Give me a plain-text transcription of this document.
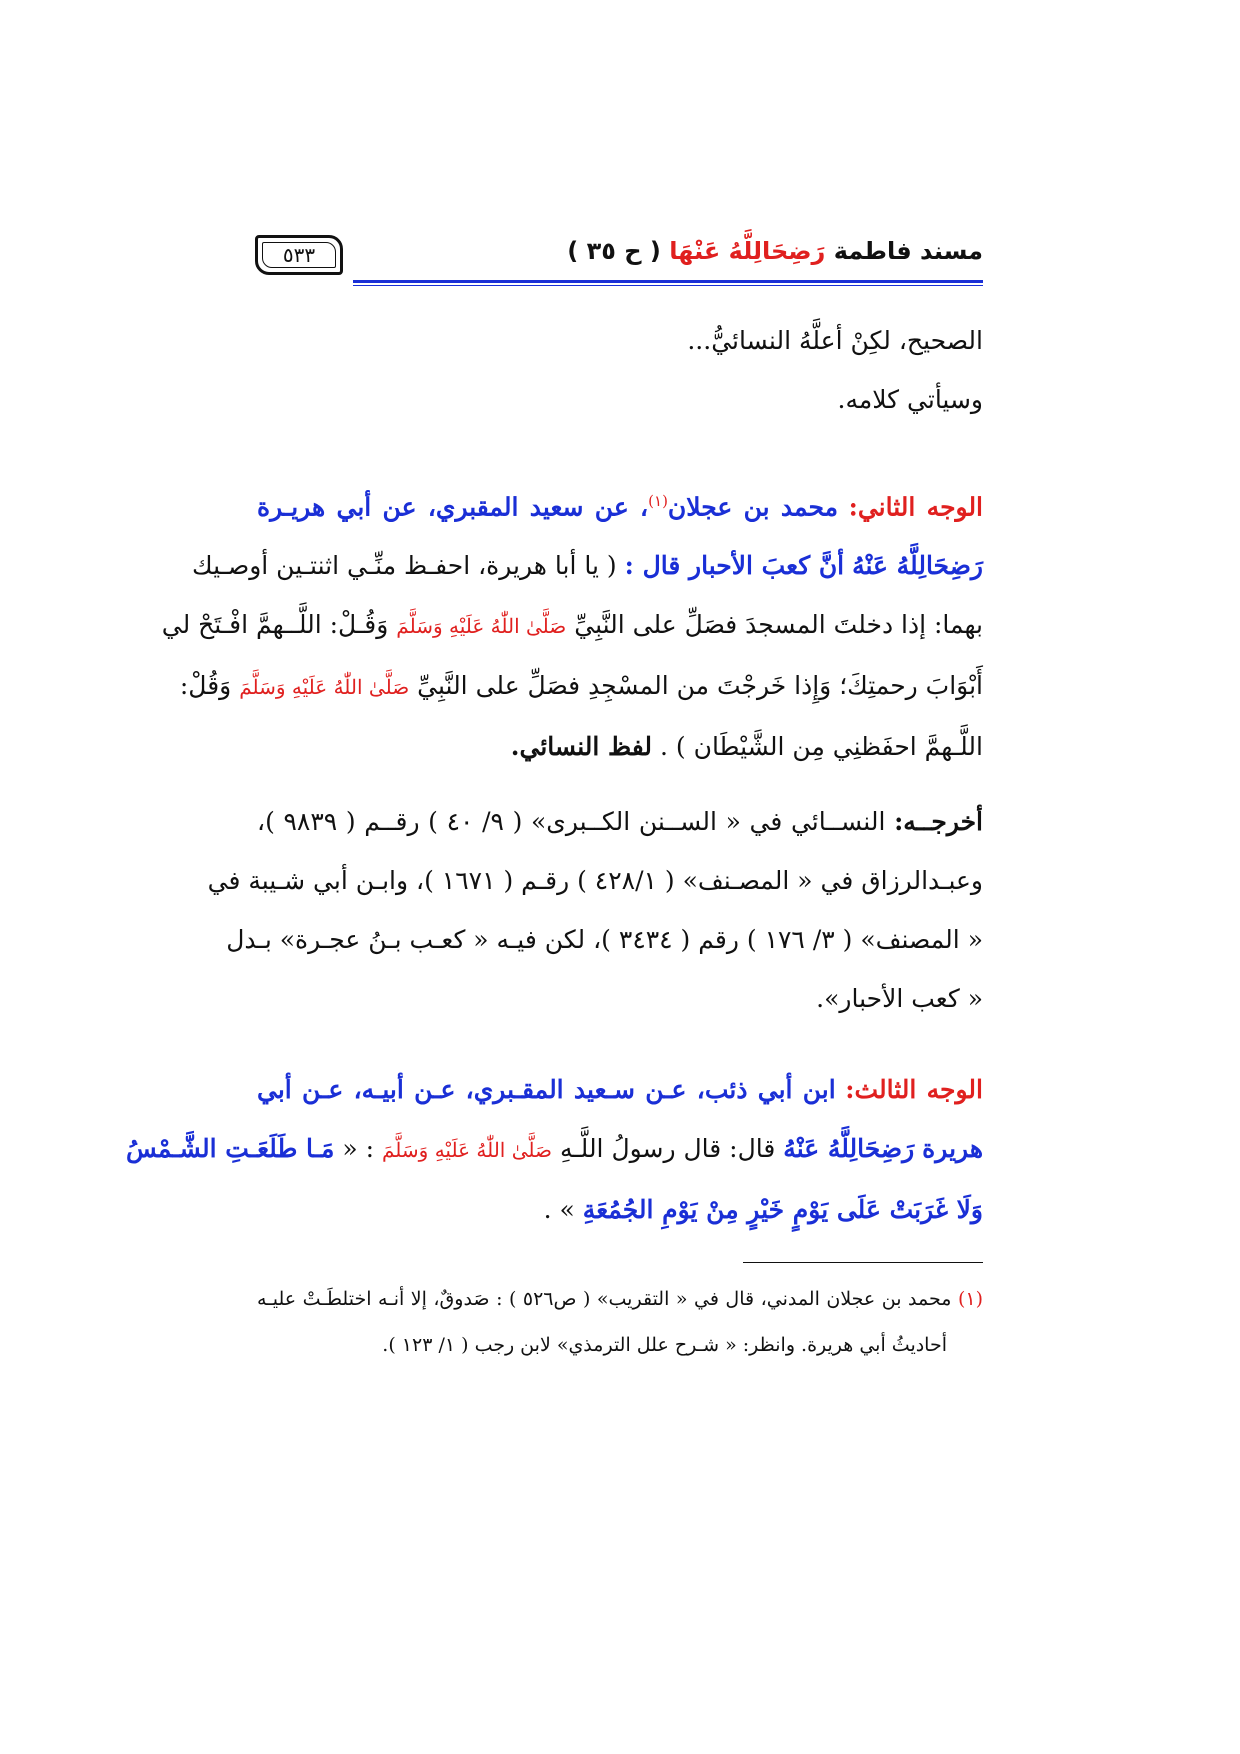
مسند فاطمة رَضِحَالِلَّهُ عَنْهَا ( ح ٣٥ )
٥٣٣
الصحيح، لكِنْ أعلَّهُ النسائيُّ...
وسيأتي كلامه.
الوجه الثاني: محمد بن عجلان$^{(١)}$، عن سعيد المقبري، عن أبي هريـرة
رَضِحَالِلَّهُ عَنْهُ أنَّ كعبَ الأحبار قال : ( يا أبا هريرة، احفـظ منِّـي اثنتـين أوصـيك
بهما: إذا دخلتَ المسجدَ فصَلِّ على النَّبِيِّ صَلَّىٰ اللّٰهُ عَلَيْهِ وَسَلَّمَ وَقُـلْ: اللَّــهمَّ افْـتَحْ لي
أَبْوَابَ رحمتِكَ؛ وَإِذا خَرجْتَ من المسْجِدِ فصَلِّ على النَّبِيِّ صَلَّىٰ اللّٰهُ عَلَيْهِ وَسَلَّمَ وَقُلْ:
اللَّـهمَّ احفَظنِي مِن الشَّيْطَان ) . لفظ النسائي.
أخرجــه: النســائي في « الســنن الكــبرى» ( ٩/ ٤٠ ) رقــم ( ٩٨٣٩ )،
وعبـدالرزاق في « المصـنف» ( ٤٢٨/١ ) رقـم ( ١٦٧١ )، وابـن أبي شـيبة في
« المصنف» ( ٣/ ١٧٦ ) رقم ( ٣٤٣٤ )، لكن فيـه « كعـب بـنُ عجـرة» بـدل
« كعب الأحبار».
الوجه الثالث: ابن أبي ذئب، عـن سـعيد المقـبري، عـن أبيـه، عـن أبي
هريرة رَضِحَالِلَّهُ عَنْهُ قال: قال رسولُ اللَّـهِ صَلَّىٰ اللّٰهُ عَلَيْهِ وَسَلَّمَ : « مَـا طَلَعَـتِ الشَّـمْسُ
وَلَا غَرَبَتْ عَلَى يَوْمٍ خَيْرٍ مِنْ يَوْمِ الجُمُعَةِ » .
(١) محمد بن عجلان المدني، قال في « التقريب» ( ص٥٢٦ ) : صَدوقٌ، إلا أنـه اختلطَـتْ عليـه
أحاديثُ أبي هريرة. وانظر: « شـرح علل الترمذي» لابن رجب ( ١/ ١٢٣ ).
